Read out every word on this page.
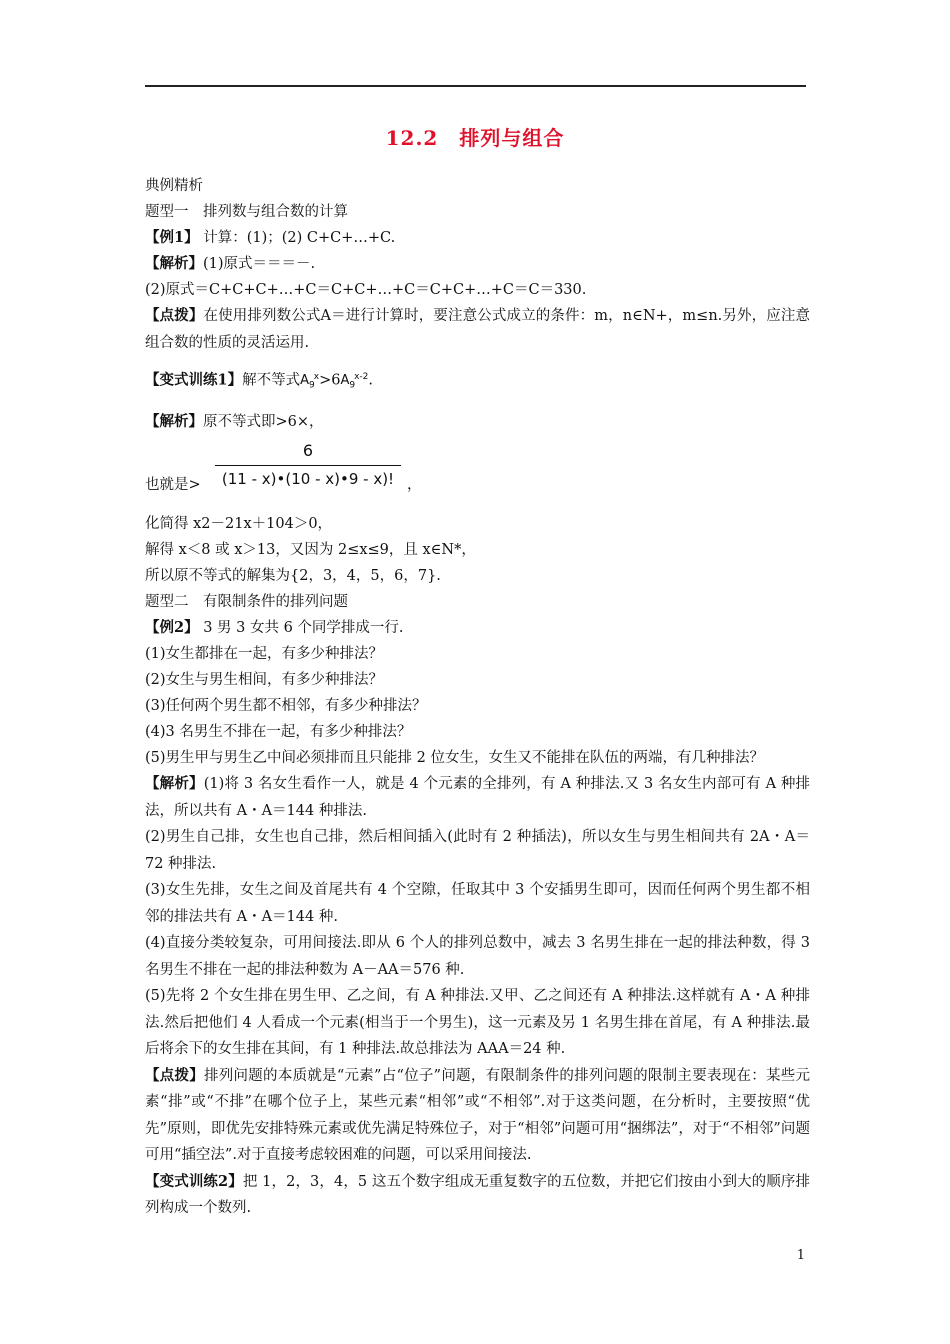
12.2　排列与组合
典例精析
题型一　排列数与组合数的计算
【例1】 计算：(1)；(2) C+C+…+C.
【解析】(1)原式＝＝＝－.
(2)原式＝C+C+C+…+C＝C+C+…+C＝C+C+…+C＝C＝330.
【点拨】在使用排列数公式A＝进行计算时，要注意公式成立的条件：m，n∈N+，m≤n.另外，应注意组合数的性质的灵活运用.
【变式训练1】解不等式$A_9^x>6A_9^{x-2}$.
【解析】原不等式即>6×，
也就是>
6
(11 - x)•(10 - x)•9 - x)! ，
化简得 x2－21x＋104＞0，
解得 x＜8 或 x＞13，又因为 2≤x≤9，且 x∈N*，
所以原不等式的解集为{2，3，4，5，6，7}.
题型二　有限制条件的排列问题
【例2】 3 男 3 女共 6 个同学排成一行.
(1)女生都排在一起，有多少种排法？
(2)女生与男生相间，有多少种排法？
(3)任何两个男生都不相邻，有多少种排法？
(4)3 名男生不排在一起，有多少种排法？
(5)男生甲与男生乙中间必须排而且只能排 2 位女生，女生又不能排在队伍的两端，有几种排法？
【解析】(1)将 3 名女生看作一人，就是 4 个元素的全排列，有 A 种排法.又 3 名女生内部可有 A 种排法，所以共有 A・A＝144 种排法.
(2)男生自己排，女生也自己排，然后相间插入(此时有 2 种插法)，所以女生与男生相间共有 2A・A＝72 种排法.
(3)女生先排，女生之间及首尾共有 4 个空隙，任取其中 3 个安插男生即可，因而任何两个男生都不相邻的排法共有 A・A＝144 种.
(4)直接分类较复杂，可用间接法.即从 6 个人的排列总数中，减去 3 名男生排在一起的排法种数，得 3 名男生不排在一起的排法种数为 A－AA＝576 种.
(5)先将 2 个女生排在男生甲、乙之间，有 A 种排法.又甲、乙之间还有 A 种排法.这样就有 A・A 种排法.然后把他们 4 人看成一个元素(相当于一个男生)，这一元素及另 1 名男生排在首尾，有 A 种排法.最后将余下的女生排在其间，有 1 种排法.故总排法为 AAA＝24 种.
【点拨】排列问题的本质就是“元素”占“位子”问题，有限制条件的排列问题的限制主要表现在：某些元素“排”或“不排”在哪个位子上，某些元素“相邻”或“不相邻”.对于这类问题，在分析时，主要按照“优先”原则，即优先安排特殊元素或优先满足特殊位子，对于“相邻”问题可用“捆绑法”，对于“不相邻”问题可用“插空法”.对于直接考虑较困难的问题，可以采用间接法.
【变式训练2】把 1，2，3，4，5 这五个数字组成无重复数字的五位数，并把它们按由小到大的顺序排列构成一个数列.
1
